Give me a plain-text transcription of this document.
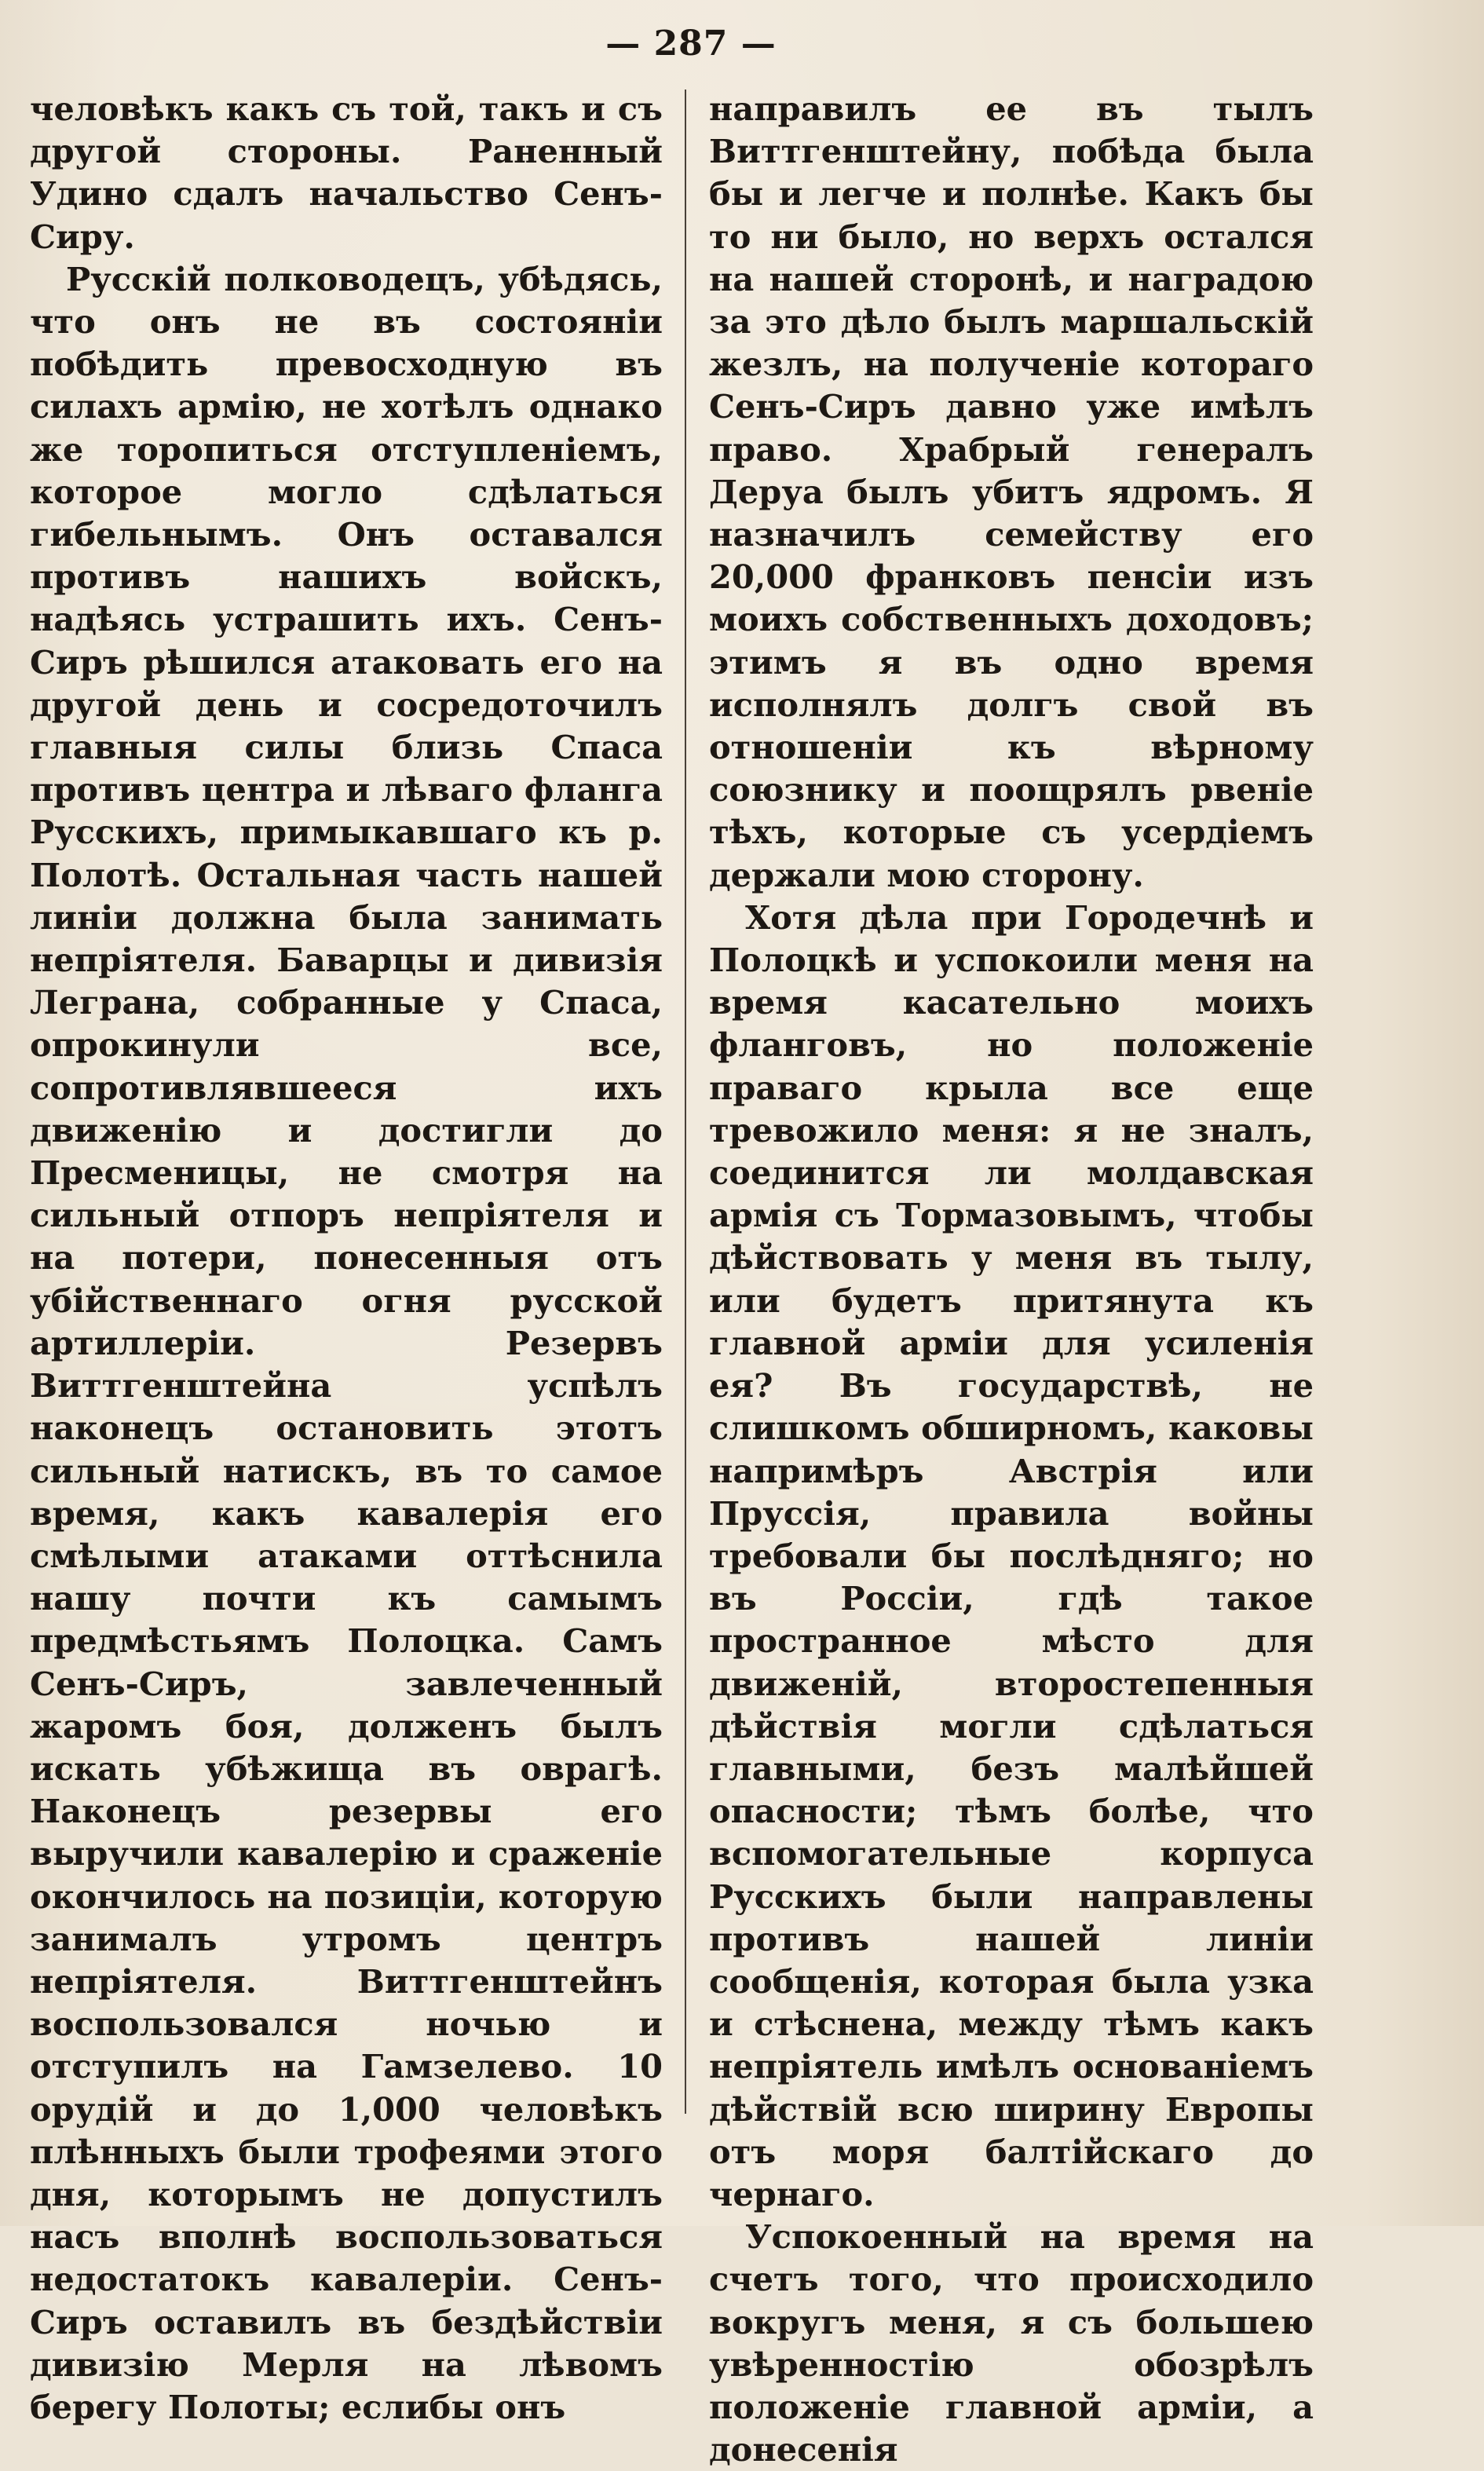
— 287 —

человѣкъ какъ съ той, такъ и съ другой стороны. Раненный Удино сдалъ начальство Сенъ-Сиру.

Русскій полководецъ, убѣдясь, что онъ не въ состояніи побѣдить превосходную въ силахъ армію, не хотѣлъ однако же торопиться отступленіемъ, которое могло сдѣлаться гибельнымъ. Онъ оставался противъ нашихъ войскъ, надѣясь устрашить ихъ. Сенъ-Сиръ рѣшился атаковать его на другой день и сосредоточилъ главныя силы близь Спаса противъ центра и лѣваго фланга Русскихъ, примыкавшаго къ р. Полотѣ. Остальная часть нашей линіи должна была занимать непріятеля. Баварцы и дивизія Леграна, собранные у Спаса, опрокинули все, сопротивлявшееся ихъ движенію и достигли до Пресменицы, не смотря на сильный отпоръ непріятеля и на потери, понесенныя отъ убійственнаго огня русской артиллеріи. Резервъ Виттгенштейна успѣлъ наконецъ остановить этотъ сильный натискъ, въ то самое время, какъ кавалерія его смѣлыми атаками оттѣснила нашу почти къ самымъ предмѣстьямъ Полоцка. Самъ Сенъ-Сиръ, завлеченный жаромъ боя, долженъ былъ искать убѣжища въ оврагѣ. Наконецъ резервы его выручили кавалерію и сраженіе окончилось на позиціи, которую занималъ утромъ центръ непріятеля. Виттгенштейнъ воспользовался ночью и отступилъ на Гамзелево. 10 орудій и до 1,000 человѣкъ плѣнныхъ были трофеями этого дня, которымъ не допустилъ насъ вполнѣ воспользоваться недостатокъ кавалеріи. Сенъ-Сиръ оставилъ въ бездѣйствіи дивизію Мерля на лѣвомъ берегу Полоты; еслибы онъ

направилъ ее въ тылъ Виттгенштейну, побѣда была бы и легче и полнѣе. Какъ бы то ни было, но верхъ остался на нашей сторонѣ, и наградою за это дѣло былъ маршальскій жезлъ, на полученіе котораго Сенъ-Сиръ давно уже имѣлъ право. Храбрый генералъ Деруа былъ убитъ ядромъ. Я назначилъ семейству его 20,000 франковъ пенсіи изъ моихъ собственныхъ доходовъ; этимъ я въ одно время исполнялъ долгъ свой въ отношеніи къ вѣрному союзнику и поощрялъ рвеніе тѣхъ, которые съ усердіемъ держали мою сторону.

Хотя дѣла при Городечнѣ и Полоцкѣ и успокоили меня на время касательно моихъ фланговъ, но положеніе праваго крыла все еще тревожило меня: я не зналъ, соединится ли молдавская армія съ Тормазовымъ, чтобы дѣйствовать у меня въ тылу, или будетъ притянута къ главной арміи для усиленія ея? Въ государствѣ, не слишкомъ обширномъ, каковы напримѣръ Австрія или Пруссія, правила войны требовали бы послѣдняго; но въ Россіи, гдѣ такое пространное мѣсто для движеній, второстепенныя дѣйствія могли сдѣлаться главными, безъ малѣйшей опасности; тѣмъ болѣе, что вспомогательные корпуса Русскихъ были направлены противъ нашей линіи сообщенія, которая была узка и стѣснена, между тѣмъ какъ непріятель имѣлъ основаніемъ дѣйствій всю ширину Европы отъ моря балтійскаго до чернаго.

Успокоенный на время на счетъ того, что происходило вокругъ меня, я съ большею увѣренностію обозрѣлъ положеніе главной арміи, а донесенія
